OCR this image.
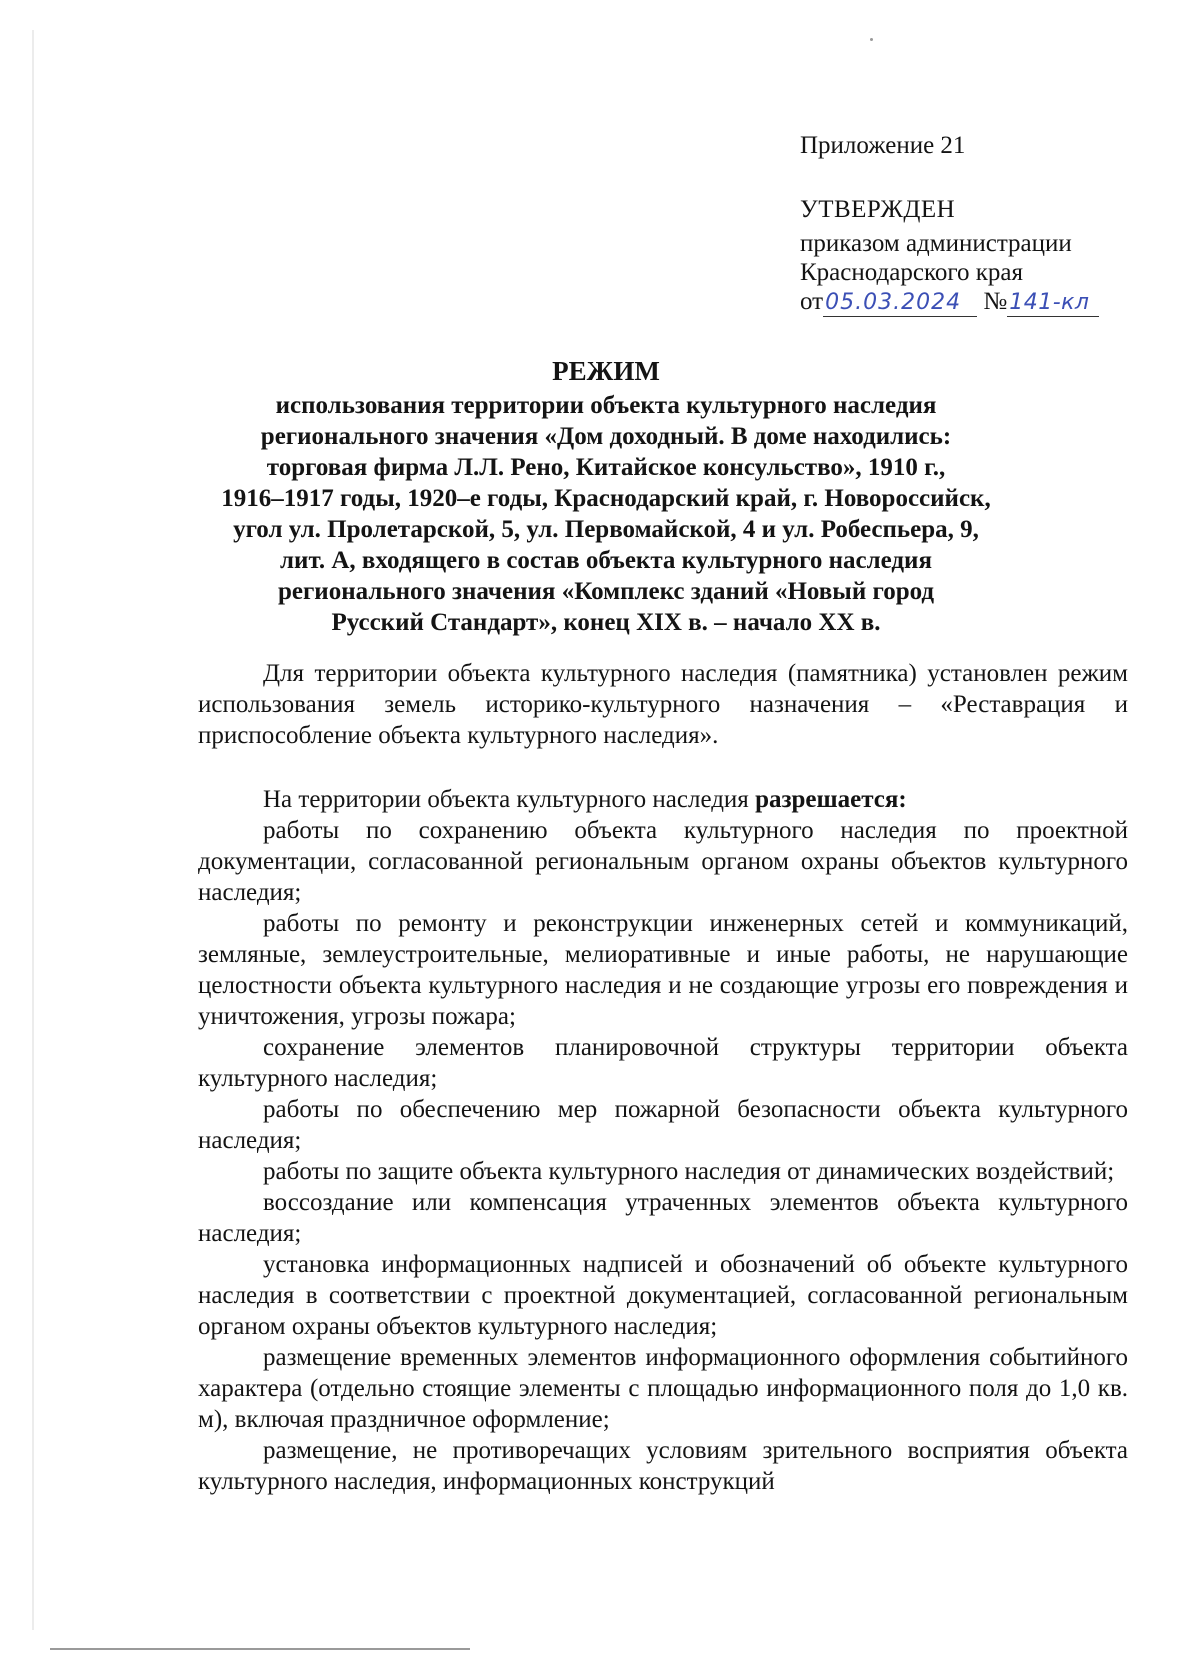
Приложение 21
УТВЕРЖДЕН
приказом администрации
Краснодарского края
от05.03.2024 №141-кл
РЕЖИМ
использования территории объекта культурного наследия
регионального значения «Дом доходный. В доме находились:
торговая фирма Л.Л. Рено, Китайское консульство», 1910 г.,
1916–1917 годы, 1920–е годы, Краснодарский край, г. Новороссийск,
угол ул. Пролетарской, 5, ул. Первомайской, 4 и ул. Робеспьера, 9,
лит. А, входящего в состав объекта культурного наследия
регионального значения «Комплекс зданий «Новый город
Русский Стандарт», конец XIX в. – начало XX в.

Для территории объекта культурного наследия (памятника) установлен режим использования земель историко-культурного назначения – «Реставрация и приспособление объекта культурного наследия».

На территории объекта культурного наследия разрешается:

работы по сохранению объекта культурного наследия по проектной документации, согласованной региональным органом охраны объектов культурного наследия;

работы по ремонту и реконструкции инженерных сетей и коммуникаций, земляные, землеустроительные, мелиоративные и иные работы, не нарушающие целостности объекта культурного наследия и не создающие угрозы его повреждения и уничтожения, угрозы пожара;

сохранение элементов планировочной структуры территории объекта культурного наследия;

работы по обеспечению мер пожарной безопасности объекта культурного наследия;

работы по защите объекта культурного наследия от динамических воздействий;

воссоздание или компенсация утраченных элементов объекта культурного наследия;

установка информационных надписей и обозначений об объекте культурного наследия в соответствии с проектной документацией, согласованной региональным органом охраны объектов культурного наследия;

размещение временных элементов информационного оформления событийного характера (отдельно стоящие элементы с площадью информационного поля до 1,0 кв. м), включая праздничное оформление;

размещение, не противоречащих условиям зрительного восприятия объекта культурного наследия, информационных конструкций
